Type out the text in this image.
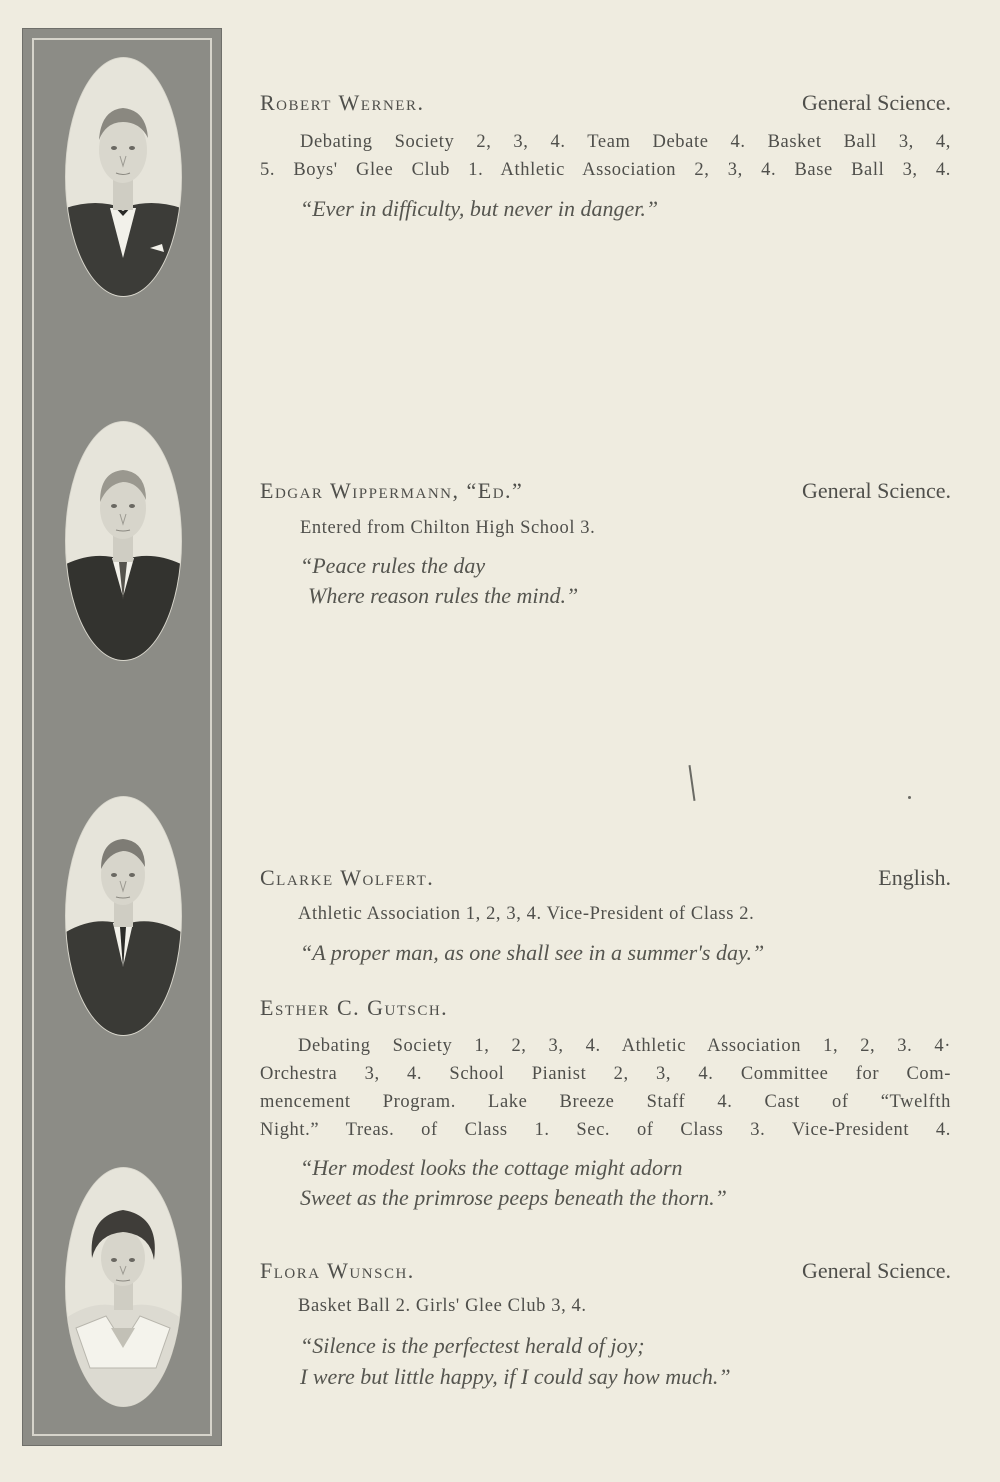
Robert Werner.	General Science.
Debating Society 2, 3, 4. Team Debate 4. Basket Ball 3, 4,
5. Boys' Glee Club 1. Athletic Association 2, 3, 4. Base Ball 3, 4.
“Ever in difficulty, but never in danger.”
Edgar Wippermann, “Ed.”	General Science.
Entered from Chilton High School 3.
“Peace rules the day
Where reason rules the mind.”
Clarke Wolfert.	English.
Athletic Association 1, 2, 3, 4. Vice-President of Class 2.
“A proper man, as one shall see in a summer's day.”
Esther C. Gutsch.
Debating Society 1, 2, 3, 4. Athletic Association 1, 2, 3. 4·
Orchestra 3, 4. School Pianist 2, 3, 4. Committee for Com-
mencement Program. Lake Breeze Staff 4. Cast of “Twelfth
Night.” Treas. of Class 1. Sec. of Class 3. Vice-President 4.
“Her modest looks the cottage might adorn
Sweet as the primrose peeps beneath the thorn.”
Flora Wunsch.	General Science.
Basket Ball 2. Girls' Glee Club 3, 4.
“Silence is the perfectest herald of joy;
I were but little happy, if I could say how much.”
